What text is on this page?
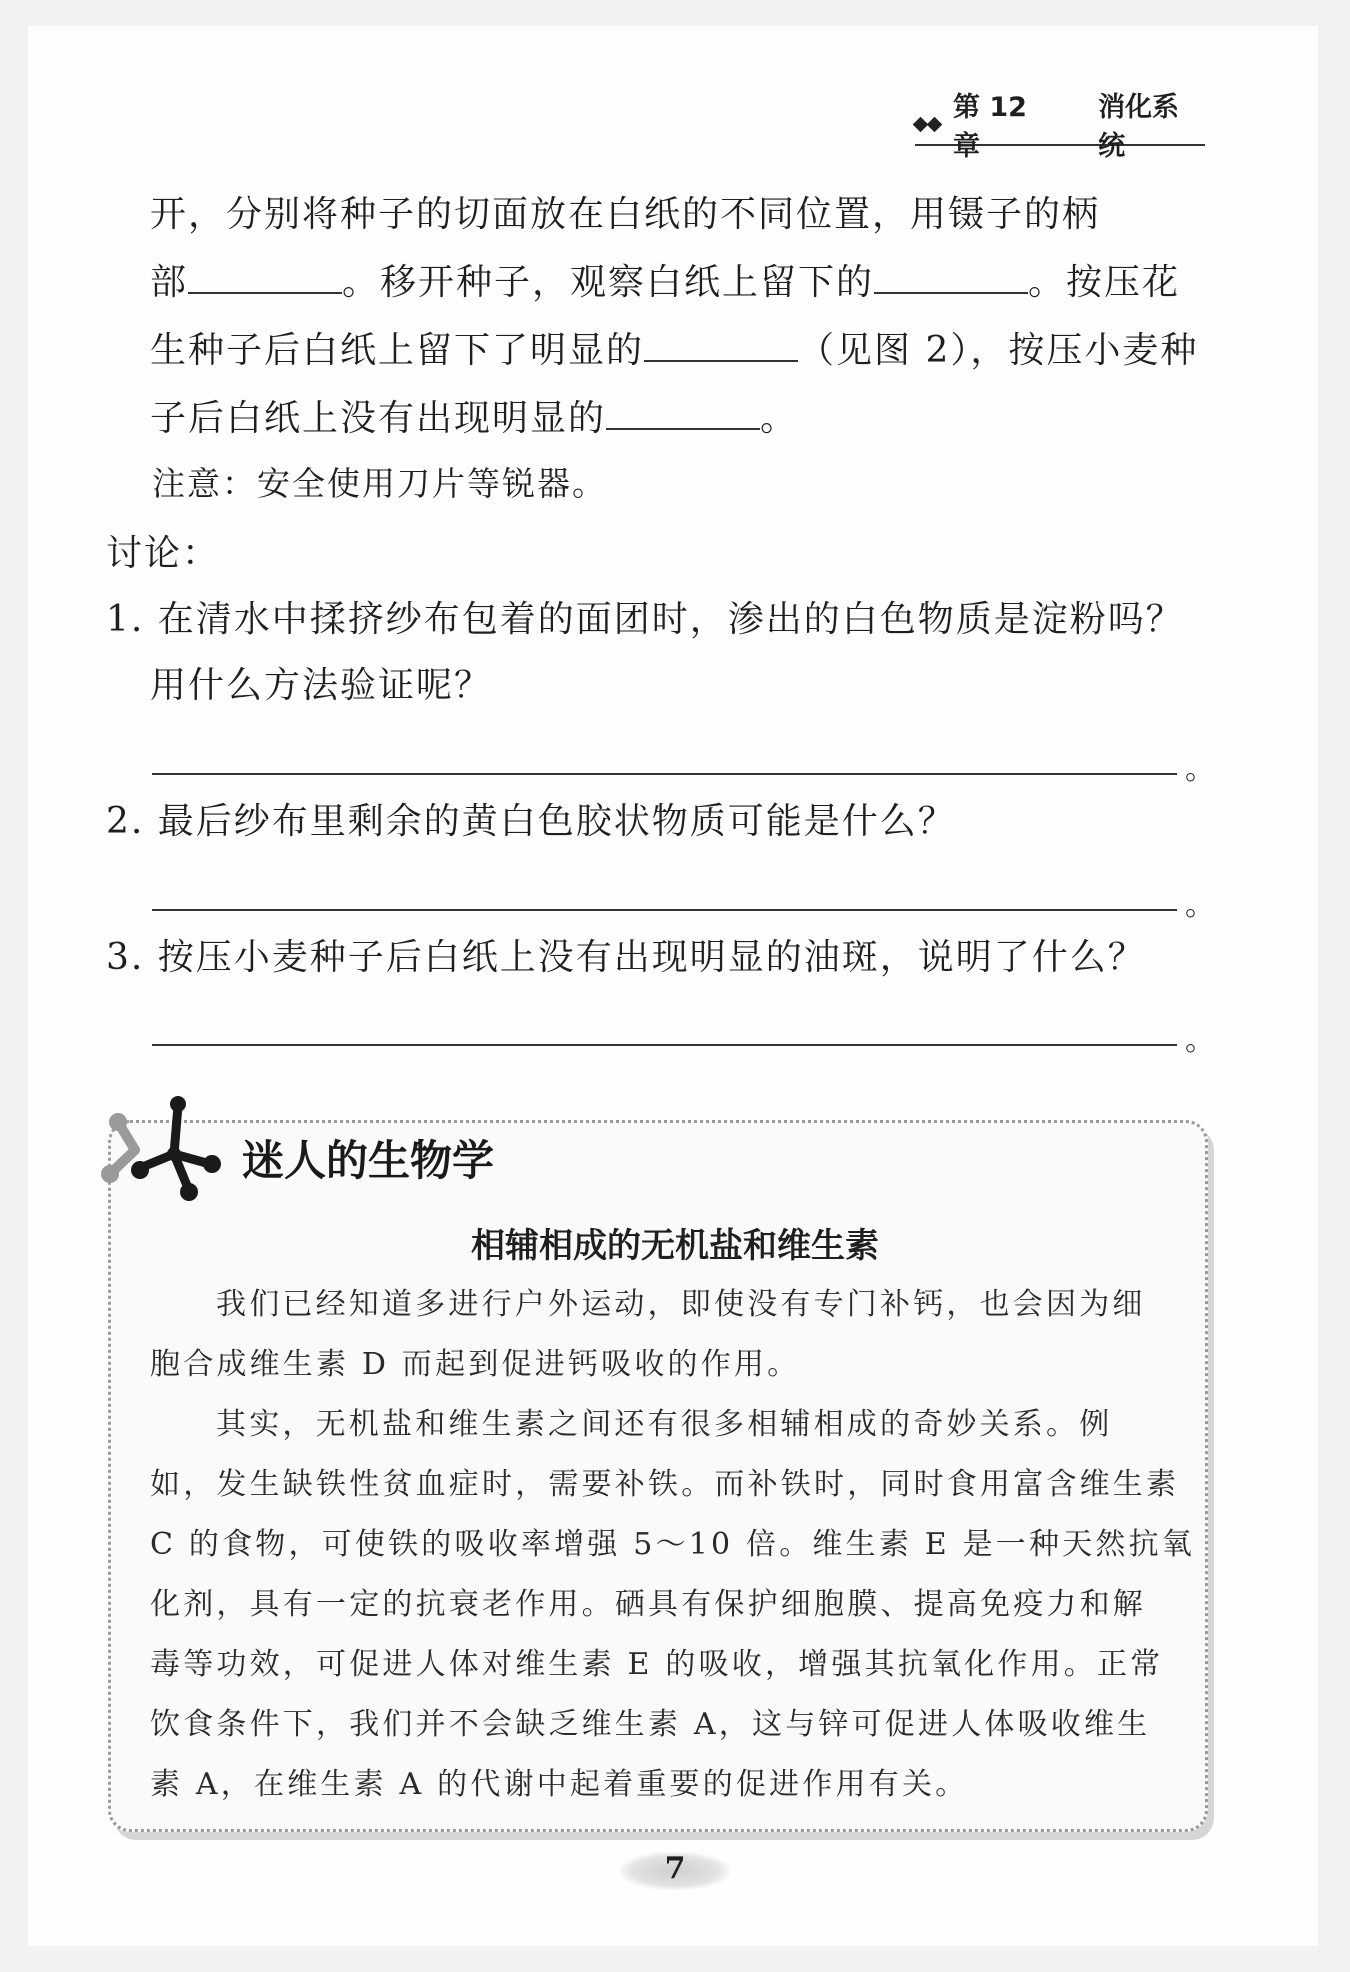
第 12 章
消化系统
开，分别将种子的切面放在白纸的不同位置，用镊子的柄
部	。移开种子，观察白纸上留下的	。按压花
生种子后白纸上留下了明显的	（见图 2），按压小麦种
子后白纸上没有出现明显的	。
注意：安全使用刀片等锐器。
讨论：
1. 在清水中揉挤纱布包着的面团时，渗出的白色物质是淀粉吗？
用什么方法验证呢？
。
2. 最后纱布里剩余的黄白色胶状物质可能是什么？
。
3. 按压小麦种子后白纸上没有出现明显的油斑，说明了什么？
。
迷人的生物学
相辅相成的无机盐和维生素
我们已经知道多进行户外运动，即使没有专门补钙，也会因为细
胞合成维生素 D 而起到促进钙吸收的作用。
其实，无机盐和维生素之间还有很多相辅相成的奇妙关系。例
如，发生缺铁性贫血症时，需要补铁。而补铁时，同时食用富含维生素
C 的食物，可使铁的吸收率增强 5～10 倍。维生素 E 是一种天然抗氧
化剂，具有一定的抗衰老作用。硒具有保护细胞膜、提高免疫力和解
毒等功效，可促进人体对维生素 E 的吸收，增强其抗氧化作用。正常
饮食条件下，我们并不会缺乏维生素 A，这与锌可促进人体吸收维生
素 A，在维生素 A 的代谢中起着重要的促进作用有关。
7
